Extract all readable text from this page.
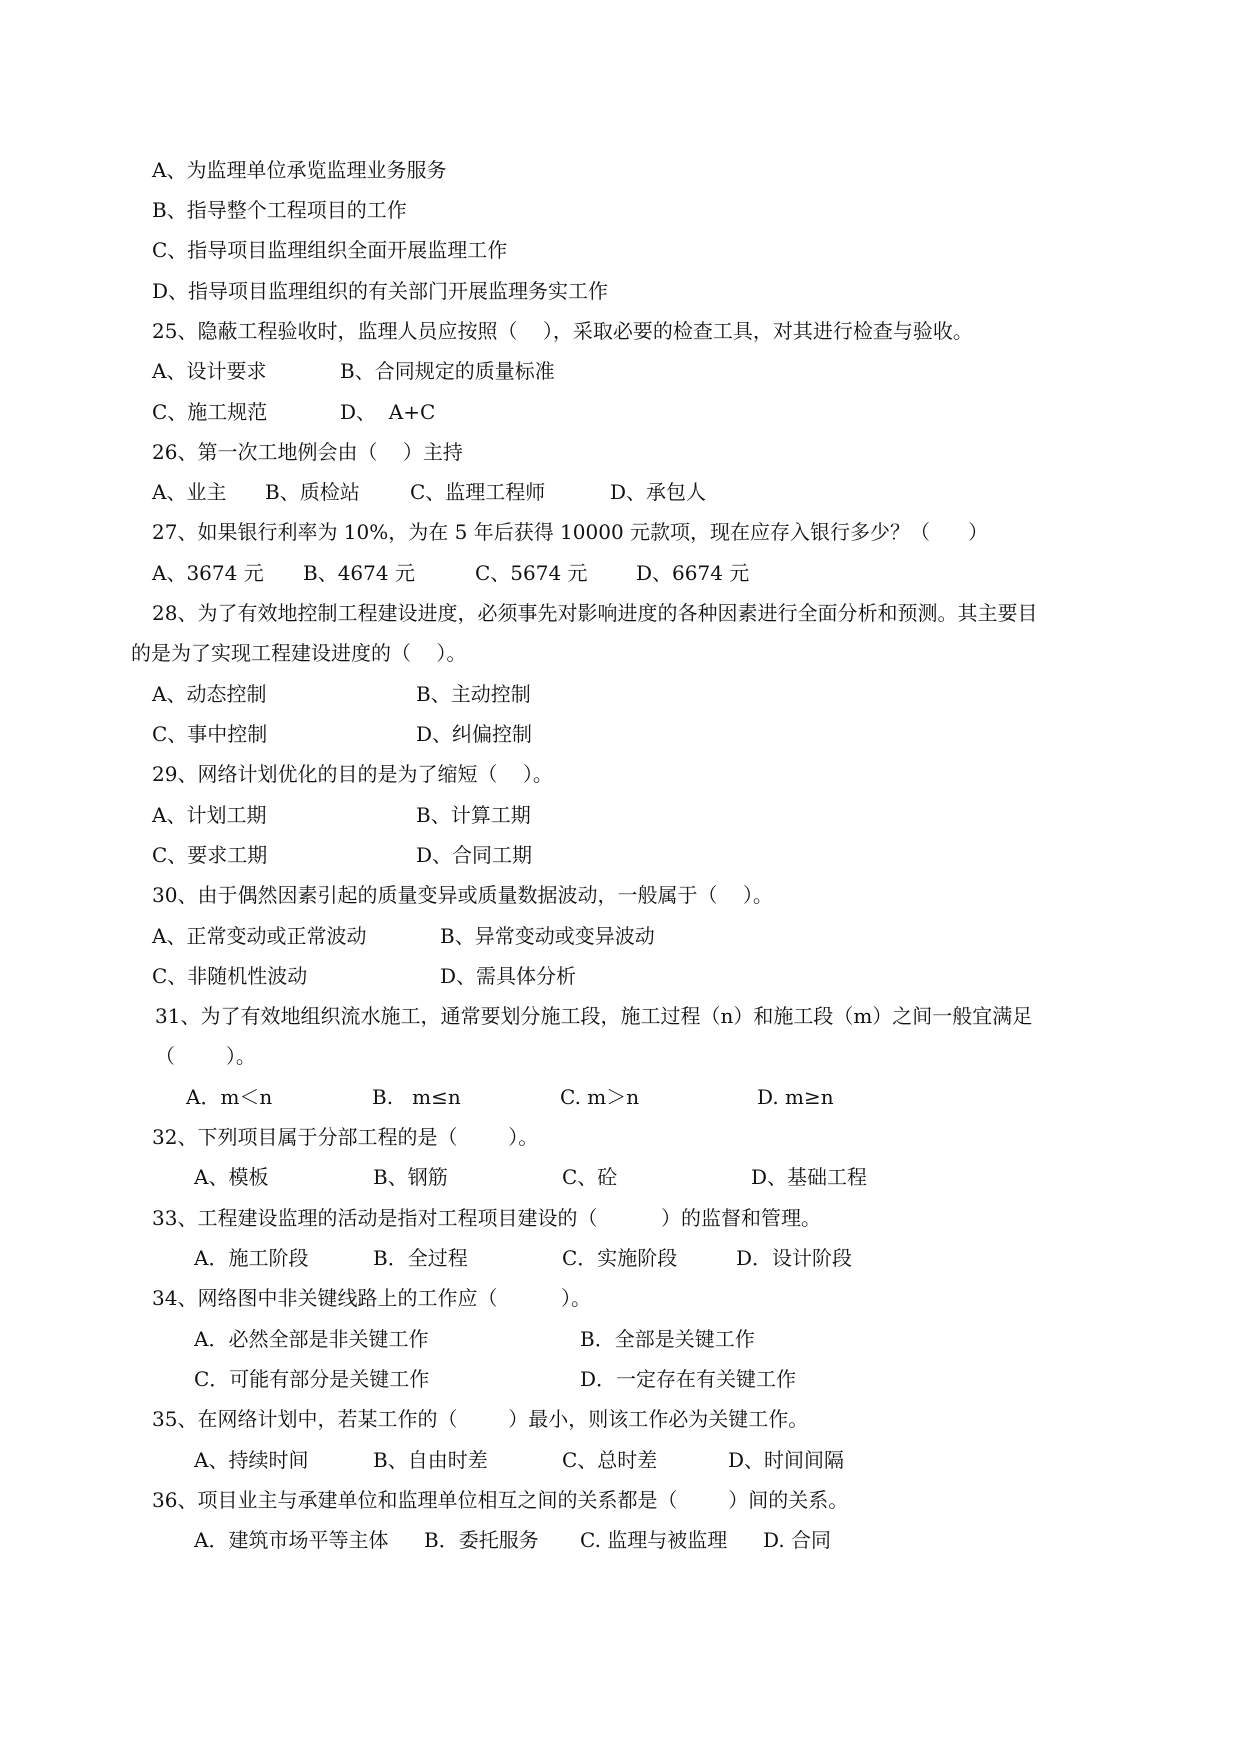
A、为监理单位承览监理业务服务
B、指导整个工程项目的工作
C、指导项目监理组织全面开展监理工作
D、指导项目监理组织的有关部门开展监理务实工作
25、隐蔽工程验收时，监理人员应按照（    ），采取必要的检查工具，对其进行检查与验收。
A、设计要求	B、合同规定的质量标准
C、施工规范	D、  A+C
26、第一次工地例会由（    ）主持
A、业主 B、质检站	C、监理工程师	D、承包人
27、如果银行利率为 10%，为在 5 年后获得 10000 元款项，现在应存入银行多少？（      ）
A、3674 元 B、4674 元	C、5674 元 D、6674 元
28、为了有效地控制工程建设进度，必须事先对影响进度的各种因素进行全面分析和预测。其主要目
的是为了实现工程建设进度的（    ）。
A、动态控制	B、主动控制
C、事中控制	D、纠偏控制
29、网络计划优化的目的是为了缩短（    ）。
A、计划工期	B、计算工期
C、要求工期	D、合同工期
30、由于偶然因素引起的质量变异或质量数据波动，一般属于（    ）。
A、正常变动或正常波动	B、异常变动或变异波动
C、非随机性波动	D、需具体分析
31、为了有效地组织流水施工，通常要划分施工段，施工过程（n）和施工段（m）之间一般宜满足
（        ）。
A．m＜n	B.   m≤n	C. m＞n	D. m≥n
32、下列项目属于分部工程的是（        ）。
A、模板	B、钢筋	C、砼	D、基础工程
33、工程建设监理的活动是指对工程项目建设的（          ）的监督和管理。
A．施工阶段	B．全过程	C．实施阶段	D．设计阶段
34、网络图中非关键线路上的工作应（          ）。
A．必然全部是非关键工作	B．全部是关键工作
C．可能有部分是关键工作	D．一定存在有关键工作
35、在网络计划中，若某工作的（        ）最小，则该工作必为关键工作。
A、持续时间	B、自由时差	C、总时差	D、时间间隔
36、项目业主与承建单位和监理单位相互之间的关系都是（        ）间的关系。
A．建筑市场平等主体 B．委托服务 C. 监理与被监理 D. 合同
